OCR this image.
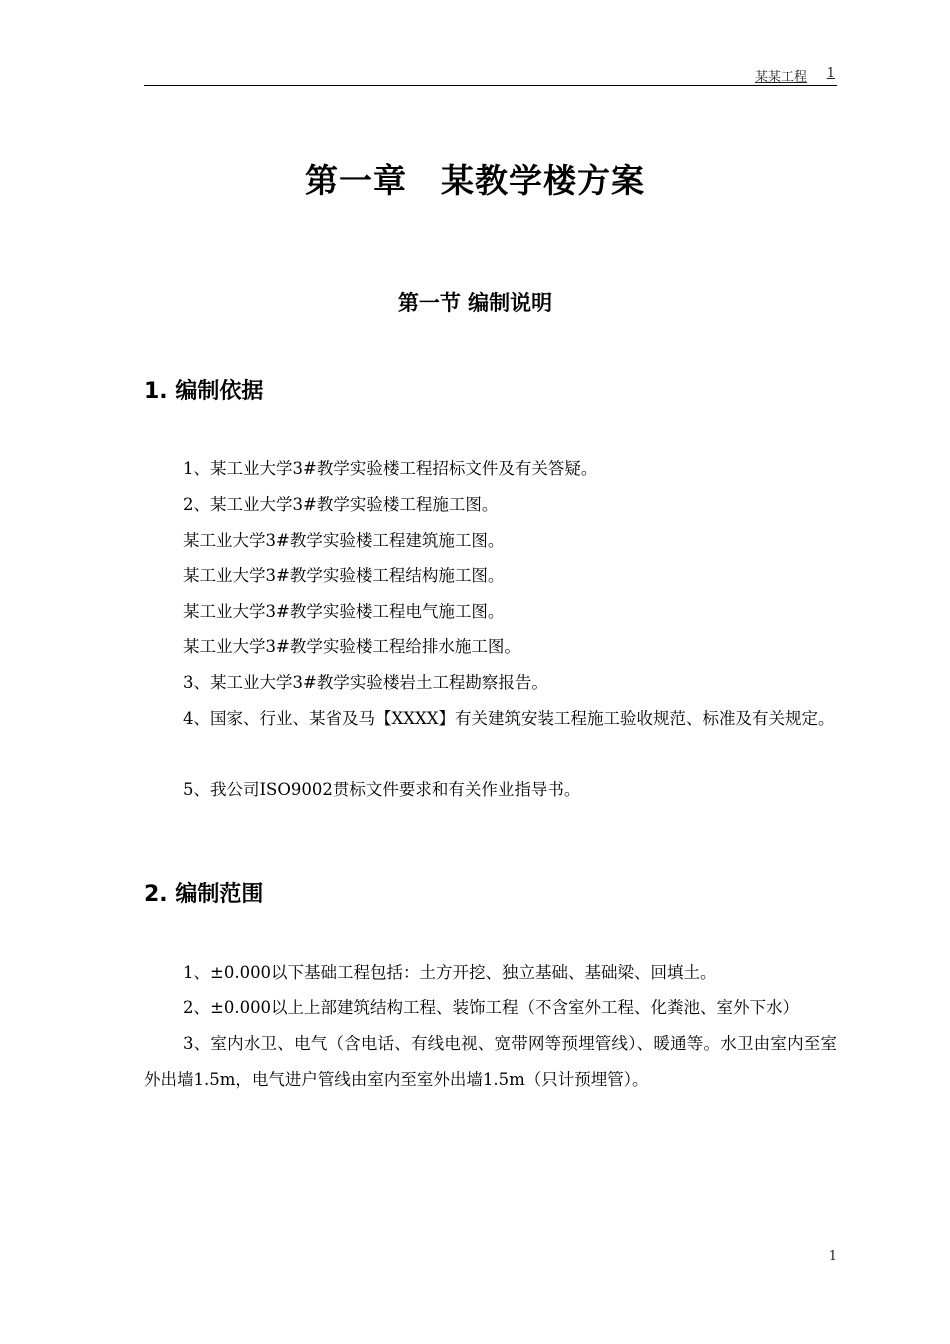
某某工程 1
第一章　某教学楼方案
第一节 编制说明
1. 编制依据

1、某工业大学3#教学实验楼工程招标文件及有关答疑。

2、某工业大学3#教学实验楼工程施工图。

某工业大学3#教学实验楼工程建筑施工图。

某工业大学3#教学实验楼工程结构施工图。

某工业大学3#教学实验楼工程电气施工图。

某工业大学3#教学实验楼工程给排水施工图。

3、某工业大学3#教学实验楼岩土工程勘察报告。

4、国家、行业、某省及马【XXXX】有关建筑安装工程施工验收规范、标准及有关规定。

5、我公司ISO9002贯标文件要求和有关作业指导书。

2. 编制范围

1、±0.000以下基础工程包括：土方开挖、独立基础、基础梁、回填土。

2、±0.000以上上部建筑结构工程、装饰工程（不含室外工程、化粪池、室外下水）

3、室内水卫、电气（含电话、有线电视、宽带网等预埋管线）、暖通等。水卫由室内至室外出墙1.5m，电气进户管线由室内至室外出墙1.5m（只计预埋管）。

1
